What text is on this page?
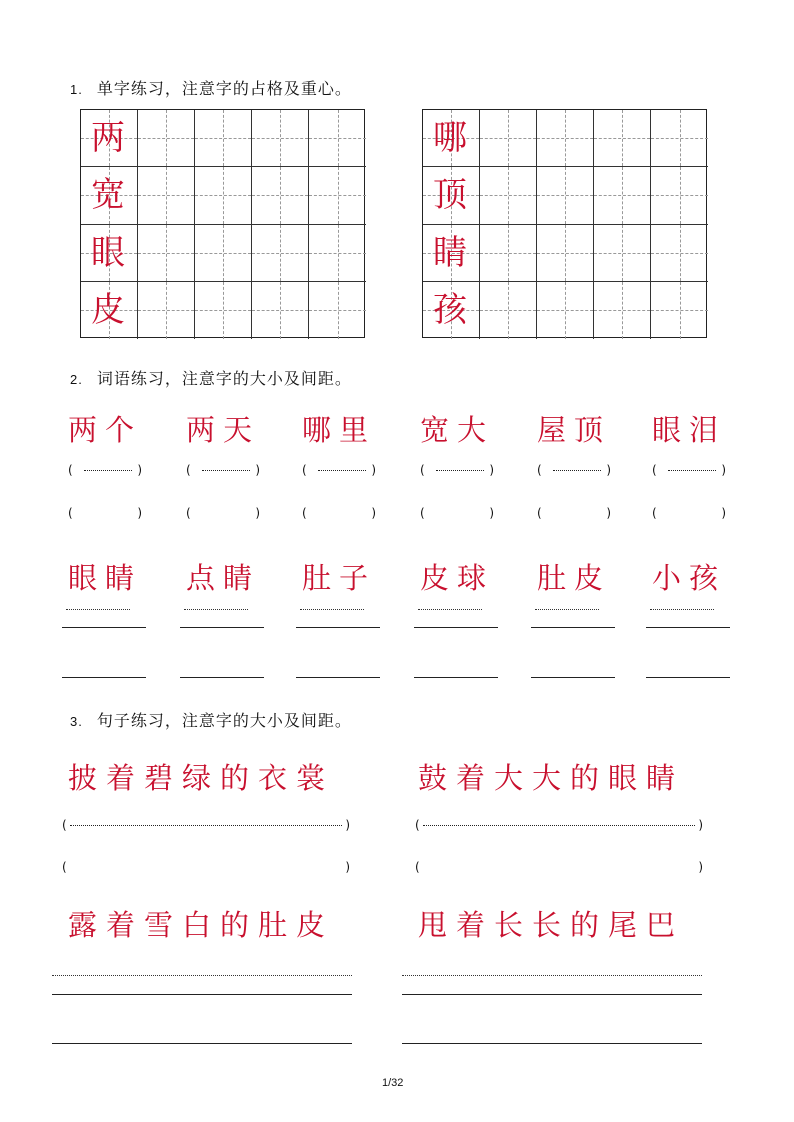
1. 单字练习，注意字的占格及重心。
两
宽
眼
皮
哪
顶
睛
孩
2. 词语练习，注意字的大小及间距。
两个
(	)
(	)
眼睛
两天
(	)
(	)
点睛
哪里
(	)
(	)
肚子
宽大
(	)
(	)
皮球
屋顶
(	)
(	)
肚皮
眼泪
(	)
(	)
小孩
3. 句子练习，注意字的大小及间距。
披着碧绿的衣裳	鼓着大大的眼睛
(	)	(	)
(	)	(	)
露着雪白的肚皮	甩着长长的尾巴
1/32
